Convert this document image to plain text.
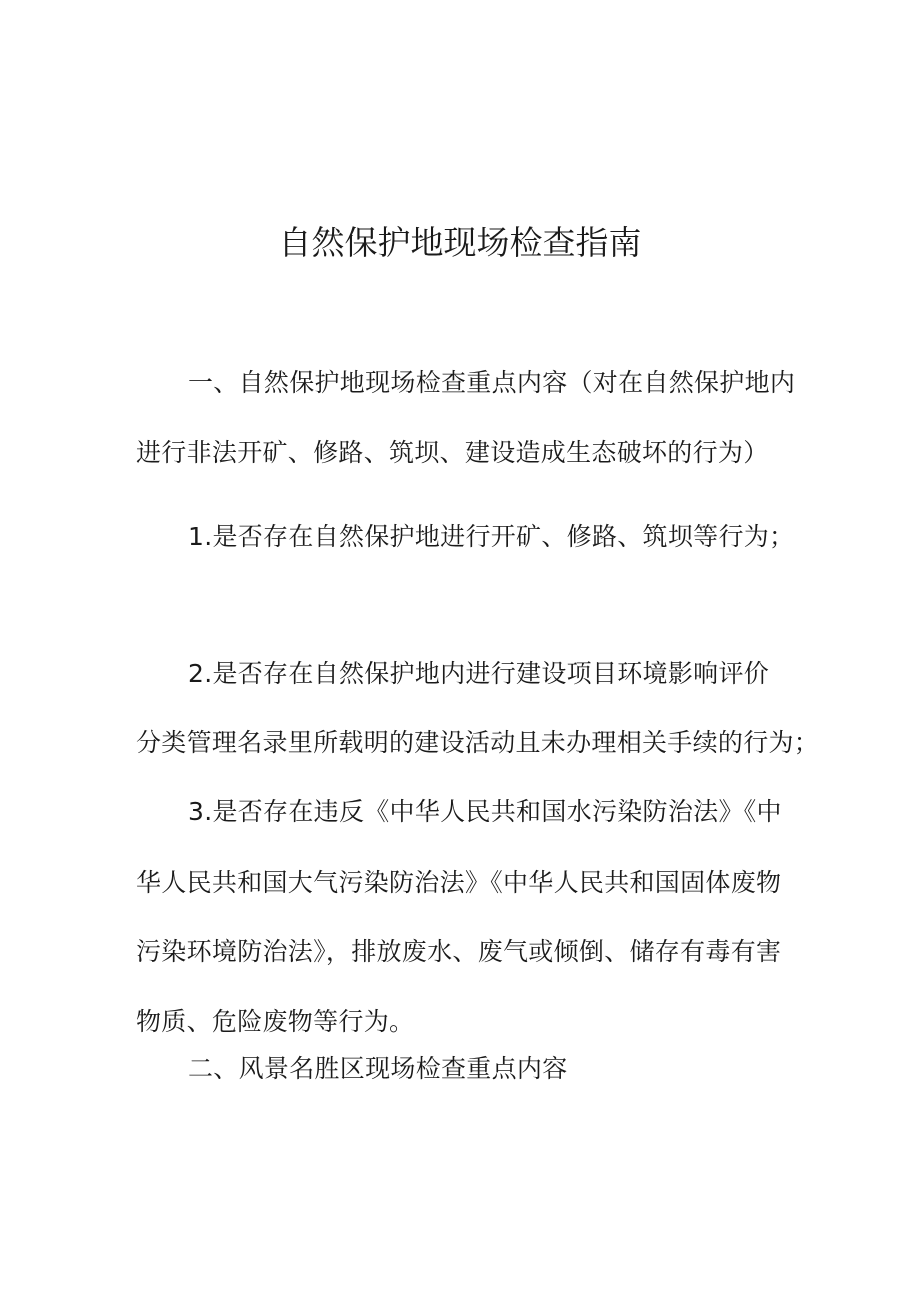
自然保护地现场检查指南
一、自然保护地现场检查重点内容（对在自然保护地内
进行非法开矿、修路、筑坝、建设造成生态破坏的行为）
1.是否存在自然保护地进行开矿、修路、筑坝等行为；
2.是否存在自然保护地内进行建设项目环境影响评价
分类管理名录里所载明的建设活动且未办理相关手续的行为；
3.是否存在违反《中华人民共和国水污染防治法》《中
华人民共和国大气污染防治法》《中华人民共和国固体废物
污染环境防治法》，排放废水、废气或倾倒、储存有毒有害
物质、危险废物等行为。
二、风景名胜区现场检查重点内容
